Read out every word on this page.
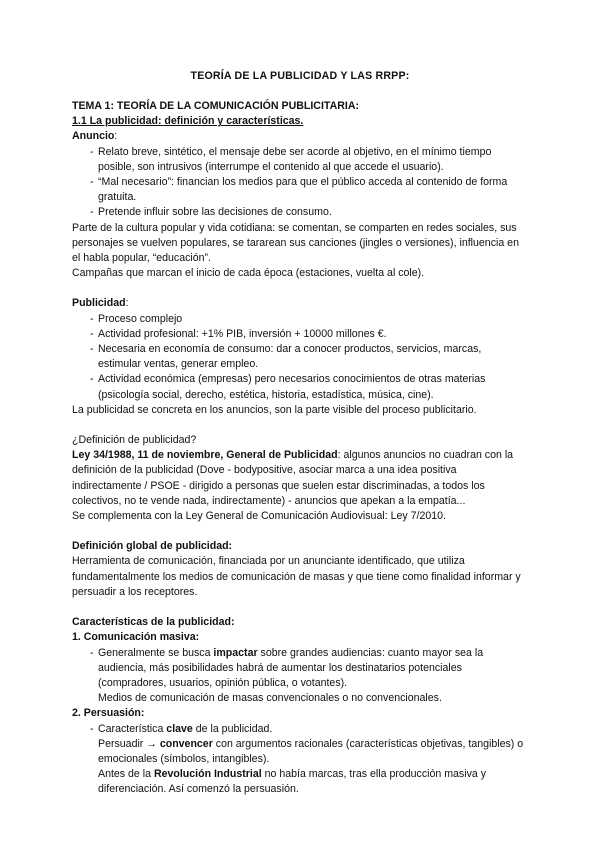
TEORÍA DE LA PUBLICIDAD Y LAS RRPP:

TEMA 1: TEORÍA DE LA COMUNICACIÓN PUBLICITARIA:

1.1 La publicidad: definición y características.

Anuncio:

- Relato breve, sintético, el mensaje debe ser acorde al objetivo, en el mínimo tiempo posible, son intrusivos (interrumpe el contenido al que accede el usuario).
- “Mal necesario”: financian los medios para que el público acceda al contenido de forma gratuita.
- Pretende influir sobre las decisiones de consumo.

Parte de la cultura popular y vida cotidiana: se comentan, se comparten en redes sociales, sus personajes se vuelven populares, se tararean sus canciones (jingles o versiones), influencia en el habla popular, “educación”.

Campañas que marcan el inicio de cada época (estaciones, vuelta al cole).

Publicidad:

- Proceso complejo
- Actividad profesional: +1% PIB, inversión + 10000 millones €.
- Necesaria en economía de consumo: dar a conocer productos, servicios, marcas, estimular ventas, generar empleo.
- Actividad económica (empresas) pero necesarios conocimientos de otras materias (psicología social, derecho, estética, historia, estadística, música, cine).

La publicidad se concreta en los anuncios, son la parte visible del proceso publicitario.

¿Definición de publicidad?

Ley 34/1988, 11 de noviembre, General de Publicidad: algunos anuncios no cuadran con la definición de la publicidad (Dove - bodypositive, asociar marca a una idea positiva indirectamente / PSOE - dirigido a personas que suelen estar discriminadas, a todos los colectivos, no te vende nada, indirectamente) - anuncios que apekan a la empatía...

Se complementa con la Ley General de Comunicación Audiovisual: Ley 7/2010.

Definición global de publicidad:

Herramienta de comunicación, financiada por un anunciante identificado, que utiliza fundamentalmente los medios de comunicación de masas y que tiene como finalidad informar y persuadir a los receptores.

Características de la publicidad:

1. Comunicación masiva:

- Generalmente se busca impactar sobre grandes audiencias: cuanto mayor sea la audiencia, más posibilidades habrá de aumentar los destinatarios potenciales (compradores, usuarios, opinión pública, o votantes).

Medios de comunicación de masas convencionales o no convencionales.

2. Persuasión:

- Característica clave de la publicidad.

Persuadir → convencer con argumentos racionales (características objetivas, tangibles) o emocionales (símbolos, intangibles).

Antes de la Revolución Industrial no había marcas, tras ella producción masiva y diferenciación. Así comenzó la persuasión.
